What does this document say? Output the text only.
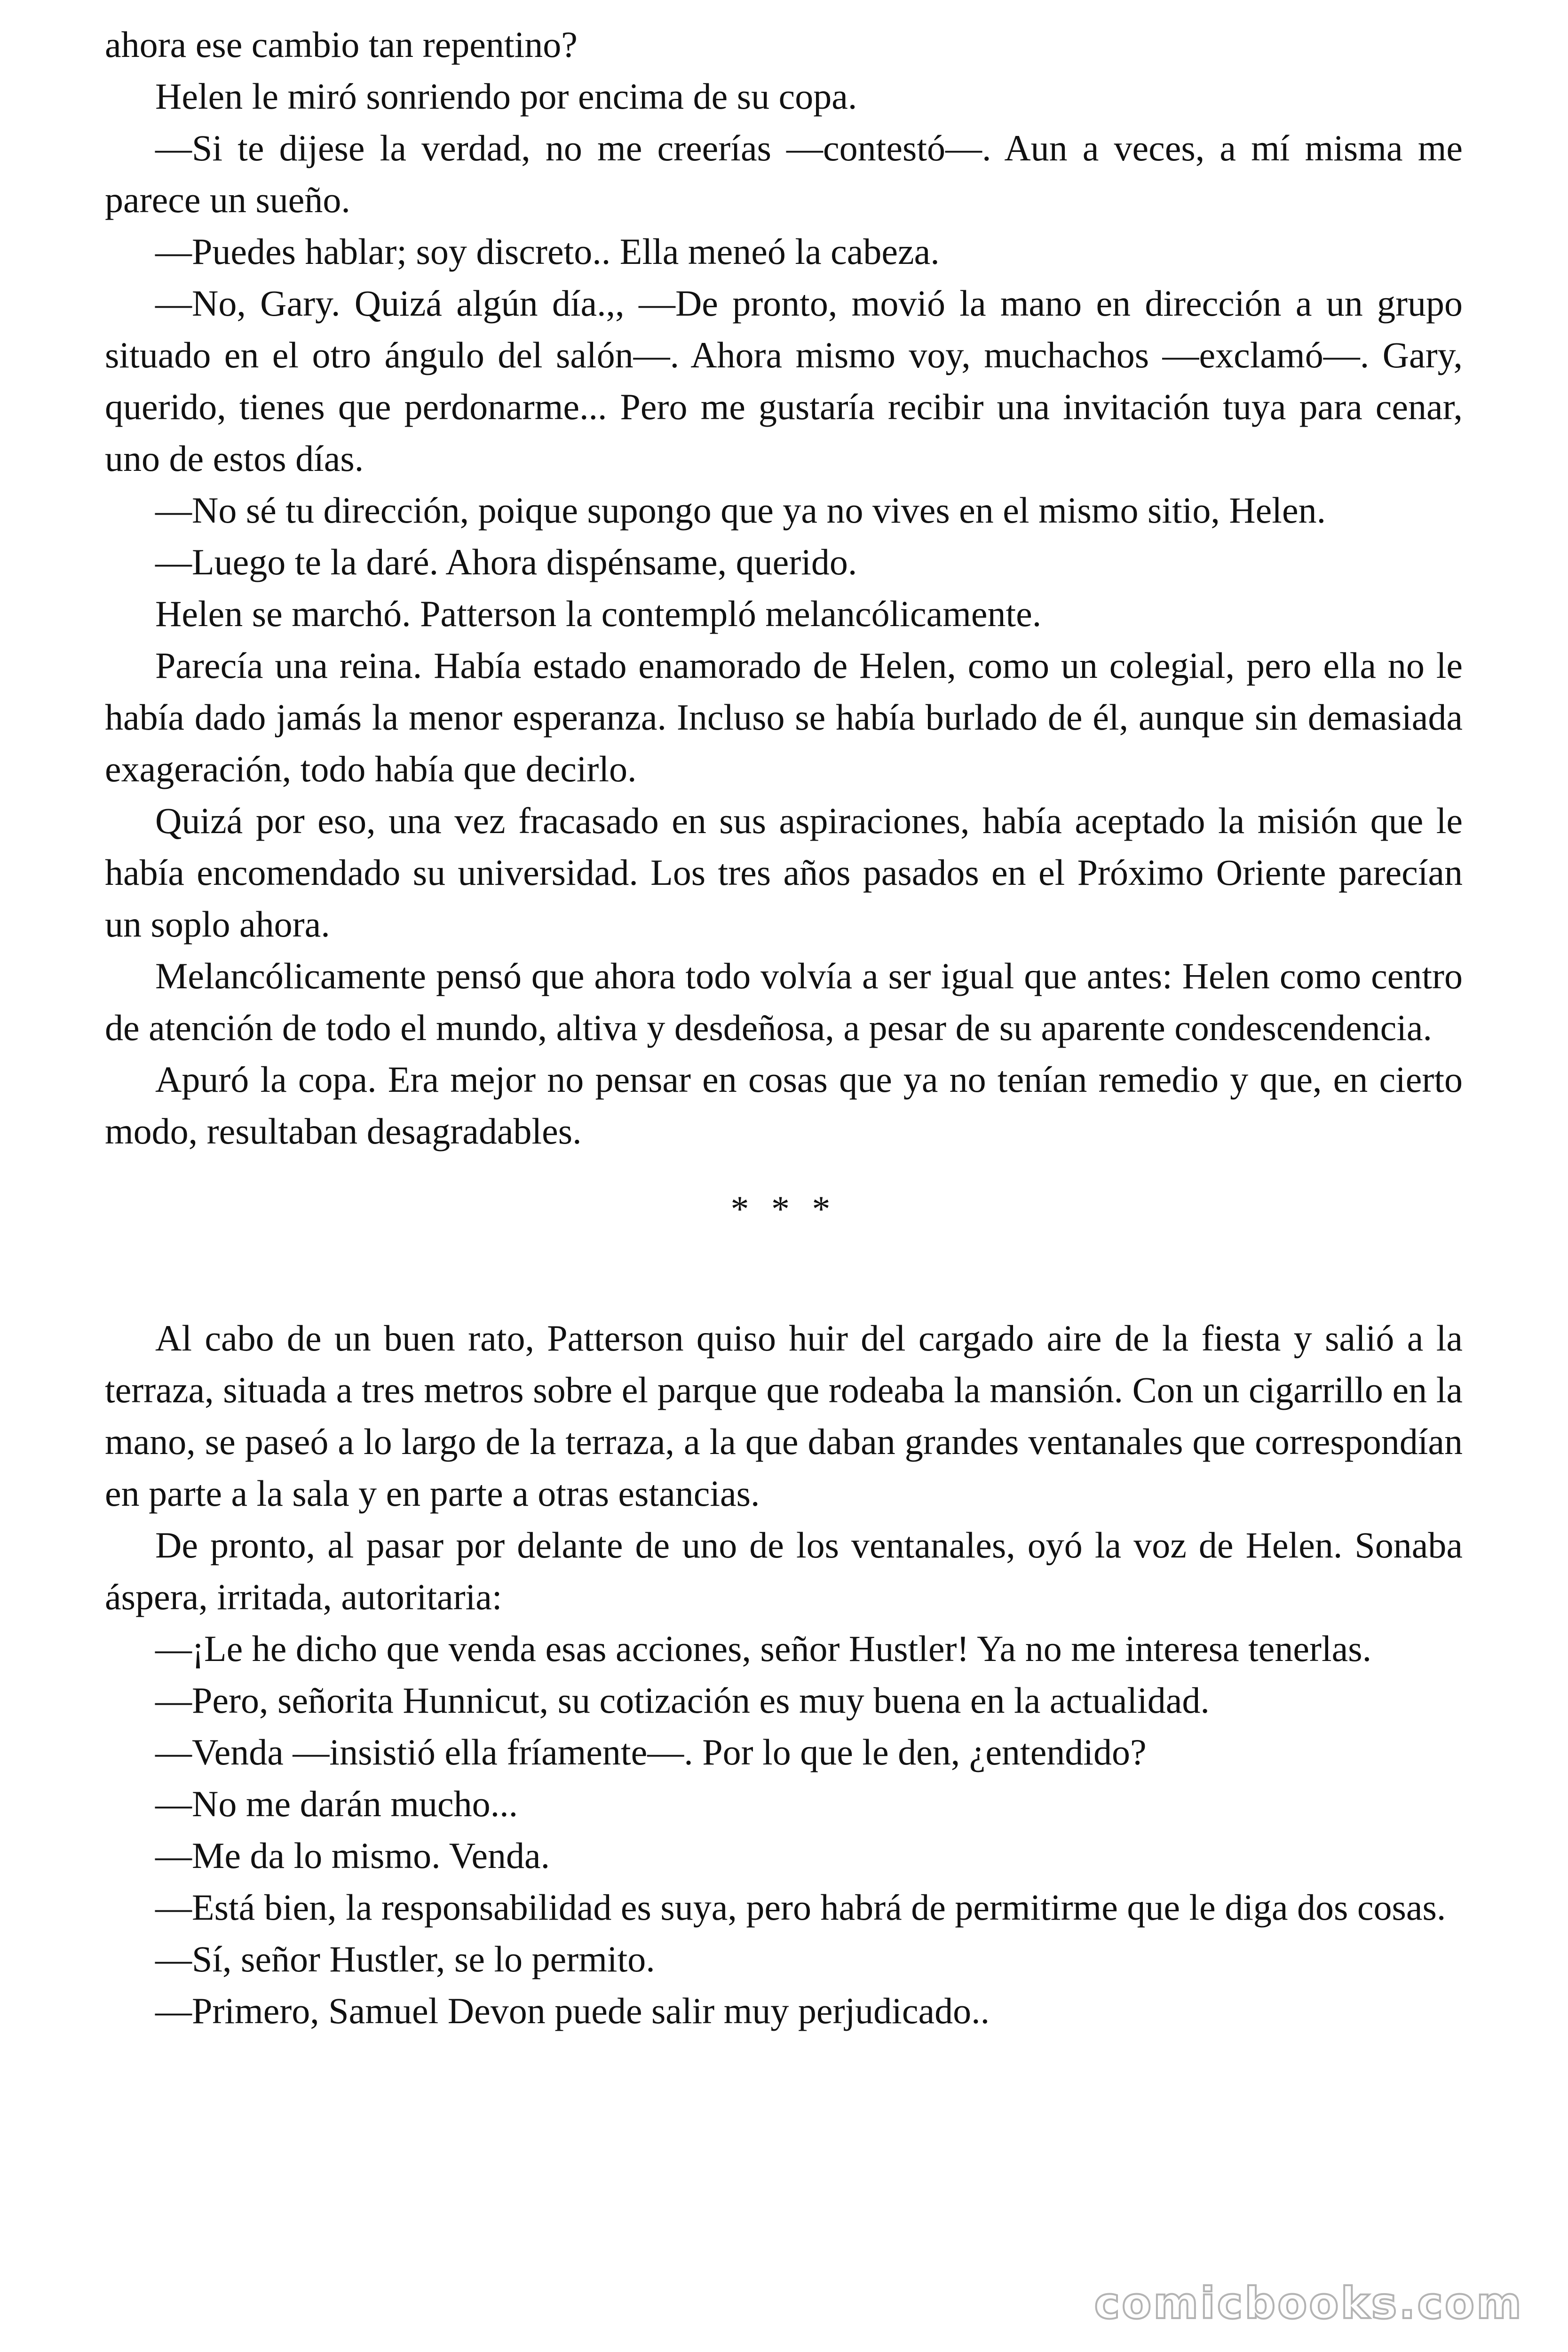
ahora ese cambio tan repentino?

Helen le miró sonriendo por encima de su copa.

—Si te dijese la verdad, no me creerías —contestó—. Aun a veces, a mí misma me parece un sueño.

—Puedes hablar; soy discreto.. Ella meneó la cabeza.

—No, Gary. Quizá algún día.,, —De pronto, movió la mano en dirección a un grupo situado en el otro ángulo del salón—. Ahora mismo voy, muchachos —exclamó—. Gary, querido, tienes que perdonarme... Pero me gustaría recibir una invitación tuya para cenar, uno de estos días.

—No sé tu dirección, poique supongo que ya no vives en el mismo sitio, Helen.

—Luego te la daré. Ahora dispénsame, querido.

Helen se marchó. Patterson la contempló melancólicamente.

Parecía una reina. Había estado enamorado de Helen, como un colegial, pero ella no le había dado jamás la menor esperanza. Incluso se había burlado de él, aunque sin demasiada exageración, todo había que decirlo.

Quizá por eso, una vez fracasado en sus aspiraciones, había aceptado la misión que le había encomendado su universidad. Los tres años pasados en el Próximo Oriente parecían un soplo ahora.

Melancólicamente pensó que ahora todo volvía a ser igual que antes: Helen como centro de atención de todo el mundo, altiva y desdeñosa, a pesar de su aparente condescendencia.

Apuró la copa. Era mejor no pensar en cosas que ya no tenían remedio y que, en cierto modo, resultaban desagradables.

* * *

Al cabo de un buen rato, Patterson quiso huir del cargado aire de la fiesta y salió a la terraza, situada a tres metros sobre el parque que rodeaba la mansión. Con un cigarrillo en la mano, se paseó a lo largo de la terraza, a la que daban grandes ventanales que correspondían en parte a la sala y en parte a otras estancias.

De pronto, al pasar por delante de uno de los ventanales, oyó la voz de Helen. Sonaba áspera, irritada, autoritaria:

—¡Le he dicho que venda esas acciones, señor Hustler! Ya no me interesa tenerlas.

—Pero, señorita Hunnicut, su cotización es muy buena en la actualidad.

—Venda —insistió ella fríamente—. Por lo que le den, ¿entendido?

—No me darán mucho...

—Me da lo mismo. Venda.

—Está bien, la responsabilidad es suya, pero habrá de permitirme que le diga dos cosas.

—Sí, señor Hustler, se lo permito.

—Primero, Samuel Devon puede salir muy perjudicado..

comicbooks.com
